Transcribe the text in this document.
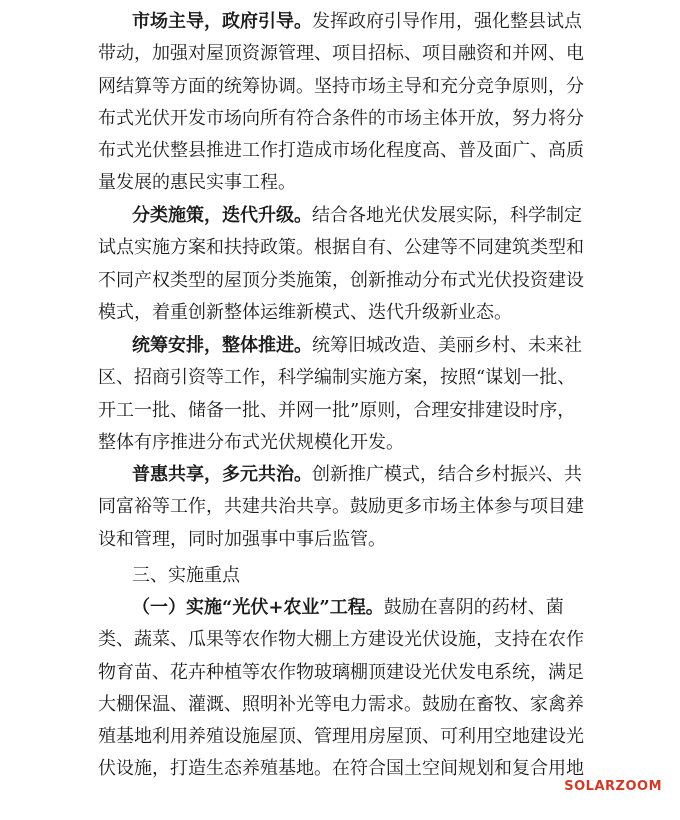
市场主导，政府引导。发挥政府引导作用，强化整县试点
带动，加强对屋顶资源管理、项目招标、项目融资和并网、电
网结算等方面的统筹协调。坚持市场主导和充分竞争原则，分
布式光伏开发市场向所有符合条件的市场主体开放，努力将分
布式光伏整县推进工作打造成市场化程度高、普及面广、高质
量发展的惠民实事工程。
分类施策，迭代升级。结合各地光伏发展实际，科学制定
试点实施方案和扶持政策。根据自有、公建等不同建筑类型和
不同产权类型的屋顶分类施策，创新推动分布式光伏投资建设
模式，着重创新整体运维新模式、迭代升级新业态。
统筹安排，整体推进。统筹旧城改造、美丽乡村、未来社
区、招商引资等工作，科学编制实施方案，按照“谋划一批、
开工一批、储备一批、并网一批”原则，合理安排建设时序，
整体有序推进分布式光伏规模化开发。
普惠共享，多元共治。创新推广模式，结合乡村振兴、共
同富裕等工作，共建共治共享。鼓励更多市场主体参与项目建
设和管理，同时加强事中事后监管。
三、实施重点
（一）实施“光伏+农业”工程。鼓励在喜阴的药材、菌
类、蔬菜、瓜果等农作物大棚上方建设光伏设施，支持在农作
物育苗、花卉种植等农作物玻璃棚顶建设光伏发电系统，满足
大棚保温、灌溉、照明补光等电力需求。鼓励在畜牧、家禽养
殖基地利用养殖设施屋顶、管理用房屋顶、可利用空地建设光
伏设施，打造生态养殖基地。在符合国土空间规划和复合用地
SOLARZOOM
